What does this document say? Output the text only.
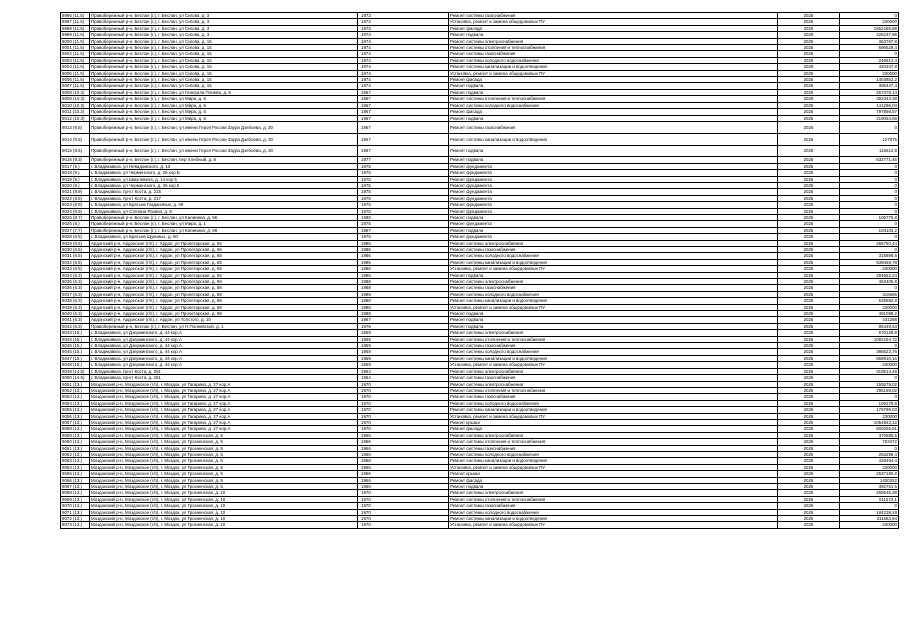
8996 (11.5)	Правобережный р-н, Беслан (г.), г. Беслан, ул Сигова, д. 3	1973	Ремонт системы газоснабжения	2025	0
8997 (11.5)	Правобережный р-н, Беслан (г.), г. Беслан, ул Сигова, д. 3	1973	Установка, ремонт и замена общедомовых ПУ	2025	230000
8998 (11.5)	Правобережный р-н, Беслан (г.), г. Беслан, ул Сигова, д. 3	1973	Ремонт фасада	2025	1552185,88
8999 (11.5)	Правобережный р-н, Беслан (г.), г. Беслан, ул Сигова, д. 3	1973	Ремонт подвала	2025	426237,86
9000 (11.5)	Правобережный р-н, Беслан (г.), г. Беслан, ул Сигова, д. 15	1974	Ремонт системы электроснабжения	2025	363767,8
9001 (11.5)	Правобережный р-н, Беслан (г.), г. Беслан, ул Сигова, д. 15	1974	Ремонт системы отопления и теплоснабжения	2025	696529,4
9002 (11.5)	Правобережный р-н, Беслан (г.), г. Беслан, ул Сигова, д. 15	1974	Ремонт системы газоснабжения	2025	0
9003 (11.5)	Правобережный р-н, Беслан (г.), г. Беслан, ул Сигова, д. 15	1974	Ремонт системы холодного водоснабжения	2025	246612,4
9004 (11.5)	Правобережный р-н, Беслан (г.), г. Беслан, ул Сигова, д. 15	1974	Ремонт системы канализации и водоотведения	2025	420347,8
9005 (11.5)	Правобережный р-н, Беслан (г.), г. Беслан, ул Сигова, д. 15	1974	Установка, ремонт и замена общедомовых ПУ	2025	230000
9006 (11.5)	Правобережный р-н, Беслан (г.), г. Беслан, ул Сигова, д. 15	1974	Ремонт фасада	2025	1403852,2
9007 (11.5)	Правобережный р-н, Беслан (г.), г. Беслан, ул Сигова, д. 15	1974	Ремонт подвала	2025	385427,4
9008 (10.3)	Правобережный р-н, Беслан (г.), г. Беслан, ул Генерала Плиева, д. 6	1967	Ремонт подвала	2025	257378,14
9009 (10.3)	Правобережный р-н, Беслан (г.), г. Беслан, ул Мира, д. 6	1967	Ремонт системы отопления и теплоснабжения	2025	392343,38
9010 (10.3)	Правобережный р-н, Беслан (г.), г. Беслан, ул Мира, д. 6	1967	Ремонт системы холодного водоснабжения	2025	141296,04
9011 (10.3)	Правобережный р-н, Беслан (г.), г. Беслан, ул Мира, д. 6	1967	Ремонт фасада	2025	797868,57
9012 (10.3)	Правобережный р-н, Беслан (г.), г. Беслан, ул Мира, д. 6	1967	Ремонт подвала	2025	219054,69
9013 (9.5)	Правобережный р-н, Беслан (г.), г. Беслан, ул имени Героя России Заура Дзебоева, д. 30	1967	Ремонт системы газоснабжения	2025	0
9014 (9.5)	Правобережный р-н, Беслан (г.), г. Беслан, ул имени Героя России Заура Дзебоева, д. 30	1967	Ремонт системы канализации и водоотведения	2025	127975
9015 (9.5)	Правобережный р-н, Беслан (г.), г. Беслан, ул имени Героя России Заура Дзебоева, д. 30	1967	Ремонт подвала	2025	116612,5
9016 (9.3)	Правобережный р-н, Беслан (г.), г. Беслан, пер Хлебный, д. 8	1977	Ремонт подвала	2025	632771,45
9017 (9.)	г. Владикавказ, ул Невадомского, д. 13	1975	Ремонт фундамента	2025	0
9018 (9.)	г. Владикавказ, ул Черменского, д. 26 кор.Б	1975	Ремонт фундамента	2025	0
9019 (9.)	г. Владикавказ, ул Шмулевича, д. 14 кор.5	1975	Ремонт фундамента	2025	0
9020 (9.)	г. Владикавказ, ул Черменского, д. 26 кор.5	1975	Ремонт фундамента	2025	0
9021 (8.9)	г. Владикавказ, пр-кт Коста, д. 215	1975	Ремонт фундамента	2025	0
9022 (8.9)	г. Владикавказ, пр-кт Коста, д. 217	1975	Ремонт фундамента	2025	0
9023 (8.9)	г. Владикавказ, ул Братьев Газдановых, д. 49	1975	Ремонт фундамента	2025	0
9024 (8.9)	г. Владикавказ, ул Степана Разина, д. 9	1975	Ремонт фундамента	2025	0
9025 (8.7)	Правобережный р-н, Беслан (г.), г. Беслан, ул Калинина, д. 96	1980	Ремонт подвала	2025	106775,8
9026 (8.)	Правобережный р-н, Беслан (г.), г. Беслан, ул Мира, д. 1	1975	Ремонт фундамента	2025	0
9027 (7.7)	Правобережный р-н, Беслан (г.), г. Беслан, ул Калинина, д. 99	1967	Ремонт подвала	2025	104103,2
9028 (6.5)	г. Владикавказ, ул Братьев Щукиных, д. 60	1975	Ремонт фундамента	2025	0
9029 (6.5)	Ардонский р-н, Ардонское (г/п), г. Ардон, ул Пролетарская, д. 65	1986	Ремонт системы электроснабжения	2025	466750,44
9030 (6.5)	Ардонский р-н, Ардонское (г/п), г. Ардон, ул Пролетарская, д. 65	1986	Ремонт системы газоснабжения	2025	0
9031 (6.5)	Ардонский р-н, Ардонское (г/п), г. Ардон, ул Пролетарская, д. 65	1986	Ремонт системы холодного водоснабжения	2025	316896,6
9032 (6.5)	Ардонский р-н, Ардонское (г/п), г. Ардон, ул Пролетарская, д. 65	1986	Ремонт системы канализации и водоотведения	2025	539458,78
9033 (6.5)	Ардонский р-н, Ардонское (г/п), г. Ардон, ул Пролетарская, д. 65	1986	Установка, ремонт и замена общедомовых ПУ	2025	230000
9034 (6.3)	Ардонский р-н, Ардонское (г/п), г. Ардон, ул Пролетарская, д. 65	1986	Ремонт подвала	2025	494652,24
9035 (6.3)	Ардонский р-н, Ардонское (г/п), г. Ардон, ул Пролетарская, д. 88	1988	Ремонт системы электроснабжения	2025	463405,8
9036 (6.3)	Ардонский р-н, Ардонское (г/п), г. Ардон, ул Пролетарская, д. 88	1988	Ремонт системы газоснабжения	2025	0
9037 (6.3)	Ардонский р-н, Ардонское (г/п), г. Ардон, ул Пролетарская, д. 88	1988	Ремонт системы холодного водоснабжения	2025	316686
9038 (6.3)	Ардонский р-н, Ардонское (г/п), г. Ардон, ул Пролетарская, д. 88	1988	Ремонт системы канализации и водоотведения	2025	535582,8
9039 (6.3)	Ардонский р-н, Ардонское (г/п), г. Ардон, ул Пролетарская, д. 88	1988	Установка, ремонт и замена общедомовых ПУ	2025	230000
9040 (6.3)	Ардонский р-н, Ардонское (г/п), г. Ардон, ул Пролетарская, д. 88	1988	Ремонт подвала	2025	491098,2
9041 (6.3)	Ардонский р-н, Ардонское (г/п), г. Ардон, ул Толстого, д. 15	1967	Ремонт подвала	2025	431288
9042 (6.3)	Правобережный р-н, Беслан (г.), г. Беслан, ул Н.Полиевской, д. 1	1976	Ремонт подвала	2025	85449,63
9043 (15.)	г. Владикавказ, ул Дзержинского, д. 44 кор.А	1959	Ремонт системы электроснабжения	2025	570129,9
9044 (15.)	г. Владикавказ, ул Дзержинского, д. 44 кор.А	1959	Ремонт системы отопления и теплоснабжения	2025	1092194,72
9045 (15.)	г. Владикавказ, ул Дзержинского, д. 44 кор.А	1959	Ремонт системы газоснабжения	2025	0
9046 (15.)	г. Владикавказ, ул Дзержинского, д. 44 кор.А	1959	Ремонт системы холодного водоснабжения	2025	386623,76
9047 (15.)	г. Владикавказ, ул Дзержинского, д. 44 кор.А	1959	Ремонт системы канализации и водоотведения	2025	658910,16
9048 (15.)	г. Владикавказ, ул Дзержинского, д. 44 кор.А	1959	Установка, ремонт и замена общедомовых ПУ	2025	230000
9049 (14.5)	г. Владикавказ, пр-кт Коста, д. 251	1964	Ремонт системы электроснабжения	2025	318514,48
9050 (14.5)	г. Владикавказ, пр-кт Коста, д. 251	1964	Ремонт системы газоснабжения	2025	0
9051 (13.)	Моздокский р-н, Моздокское (г/п), г. Моздок, ул Гагарина, д. 27 кор.А	1970	Ремонт системы электроснабжения	2025	155578,02
9052 (13.)	Моздокский р-н, Моздокское (г/п), г. Моздок, ул Гагарина, д. 27 кор.А	1970	Ремонт системы отопления и теплоснабжения	2025	295169,02
9053 (13.)	Моздокский р-н, Моздокское (г/п), г. Моздок, ул Гагарина, д. 27 кор.А	1970	Ремонт системы газоснабжения	2025	0
9054 (13.)	Моздокский р-н, Моздокское (г/п), г. Моздок, ул Гагарина, д. 27 кор.А	1970	Ремонт системы холодного водоснабжения	2025	106278,8
9055 (13.)	Моздокский р-н, Моздокское (г/п), г. Моздок, ул Гагарина, д. 27 кор.А	1970	Ремонт системы канализации и водоотведения	2025	179799,03
9056 (13.)	Моздокский р-н, Моздокское (г/п), г. Моздок, ул Гагарина, д. 27 кор.А	1970	Установка, ремонт и замена общедомовых ПУ	2025	230000
9057 (13.)	Моздокский р-н, Моздокское (г/п), г. Моздок, ул Гагарина, д. 27 кор.А	1970	Ремонт крыши	2025	1054843,12
9058 (13.)	Моздокский р-н, Моздокское (г/п), г. Моздок, ул Гагарина, д. 27 кор.А	1970	Ремонт фасада	2025	600255,51
9059 (13.)	Моздокский р-н, Моздокское (г/п), г. Моздок, ул Грозненская, д. 5	1966	Ремонт системы электроснабжения	2025	370585,6
9060 (13.)	Моздокский р-н, Моздокское (г/п), г. Моздок, ул Грозненская, д. 5	1966	Ремонт системы отопления и теплоснабжения	2025	703472
9061 (13.)	Моздокский р-н, Моздокское (г/п), г. Моздок, ул Грозненская, д. 5	1966	Ремонт системы газоснабжения	2025	0
9062 (13.)	Моздокский р-н, Моздокское (г/п), г. Моздок, ул Грозненская, д. 5	1966	Ремонт системы холодного водоснабжения	2025	253298,4
9063 (13.)	Моздокский р-н, Моздокское (г/п), г. Моздок, ул Грозненская, д. 5	1966	Ремонт системы канализации и водоотведения	2025	428494,4
9064 (13.)	Моздокский р-н, Моздокское (г/п), г. Моздок, ул Грозненская, д. 5	1966	Установка, ремонт и замена общедомовых ПУ	2025	230000
9065 (13.)	Моздокский р-н, Моздокское (г/п), г. Моздок, ул Грозненская, д. 5	1966	Ремонт крыши	2025	2537180,8
9066 (13.)	Моздокский р-н, Моздокское (г/п), г. Моздок, ул Грозненская, д. 5	1966	Ремонт фасада	2025	1430352
9067 (13.)	Моздокский р-н, Моздокское (г/п), г. Моздок, ул Грозненская, д. 5	1966	Ремонт подвала	2025	392761,6
9068 (13.)	Моздокский р-н, Моздокское (г/п), г. Моздок, ул Грозненская, д. 10	1970	Ремонт системы электроснабжения	2025	269546,38
9069 (13.)	Моздокский р-н, Моздокское (г/п), г. Моздок, ул Грозненская, д. 10	1970	Ремонт системы отопления и теплоснабжения	2025	511673,1
9070 (13.)	Моздокский р-н, Моздокское (г/п), г. Моздок, ул Грозненская, д. 10	1970	Ремонт системы газоснабжения	2025	0
9071 (13.)	Моздокский р-н, Моздокское (г/п), г. Моздок, ул Грозненская, д. 10	1970	Ремонт системы холодного водоснабжения	2025	184238,18
9072 (13.)	Моздокский р-н, Моздокское (г/п), г. Моздок, ул Грозненская, д. 10	1970	Ремонт системы канализации и водоотведения	2025	311663,94
9073 (13.)	Моздокский р-н, Моздокское (г/п), г. Моздок, ул Грозненская, д. 10	1970	Установка, ремонт и замена общедомовых ПУ	2025	230000
